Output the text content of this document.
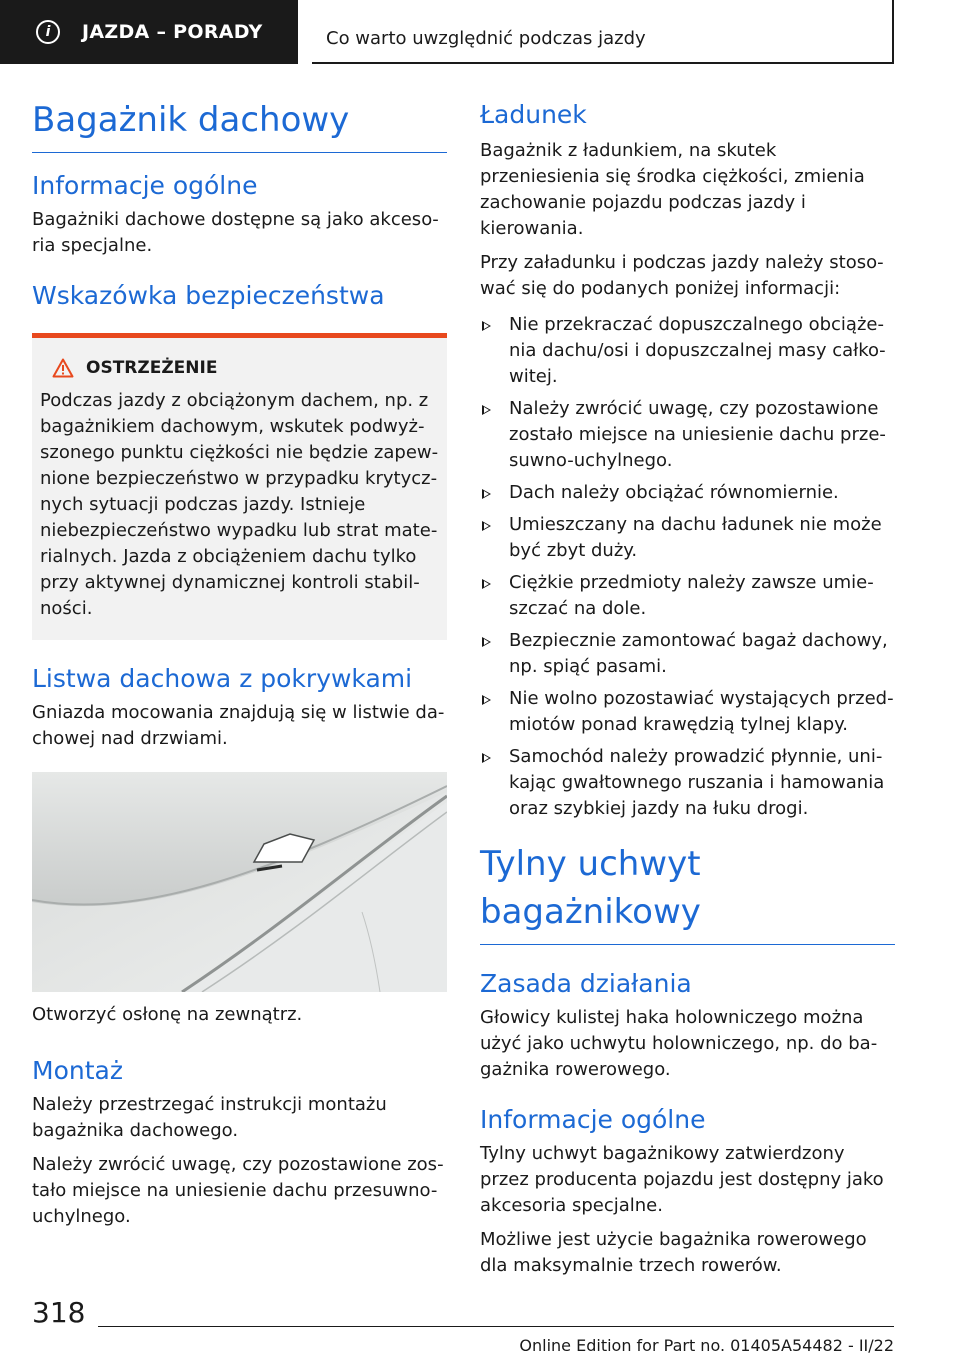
i	JAZDA – PORADY	Co warto uwzględnić podczas jazdy
Bagażnik dachowy
Informacje ogólne

Bagażniki dachowe dostępne są jako akcesoria specjalne.

Wskazówka bezpieczeństwa
OSTRZEŻENIE

Podczas jazdy z obciążonym dachem, np. z bagażnikiem dachowym, wskutek podwyższonego punktu ciężkości nie będzie zapewnione bezpieczeństwo w przypadku krytycznych sytuacji podczas jazdy. Istnieje niebezpieczeństwo wypadku lub strat materialnych. Jazda z obciążeniem dachu tylko przy aktywnej dynamicznej kontroli stabilności.

Listwa dachowa z pokrywkami

Gniazda mocowania znajdują się w listwie dachowej nad drzwiami.

Otworzyć osłonę na zewnątrz.

Montaż

Należy przestrzegać instrukcji montażu bagażnika dachowego.

Należy zwrócić uwagę, czy pozostawione zostało miejsce na uniesienie dachu przesuwno-uchylnego.

Ładunek

Bagażnik z ładunkiem, na skutek przeniesienia się środka ciężkości, zmienia zachowanie pojazdu podczas jazdy i kierowania.

Przy załadunku i podczas jazdy należy stosować się do podanych poniżej informacji:

Nie przekraczać dopuszczalnego obciążenia dachu/osi i dopuszczalnej masy całkowitej.
Należy zwrócić uwagę, czy pozostawione zostało miejsce na uniesienie dachu przesuwno-uchylnego.
Dach należy obciążać równomiernie.
Umieszczany na dachu ładunek nie może być zbyt duży.
Ciężkie przedmioty należy zawsze umieszczać na dole.
Bezpiecznie zamontować bagaż dachowy, np. spiąć pasami.
Nie wolno pozostawiać wystających przedmiotów ponad krawędzią tylnej klapy.
Samochód należy prowadzić płynnie, unikając gwałtownego ruszania i hamowania oraz szybkiej jazdy na łuku drogi.
Tylny uchwyt bagażnikowy
Zasada działania

Głowicy kulistej haka holowniczego można użyć jako uchwytu holowniczego, np. do bagażnika rowerowego.

Informacje ogólne

Tylny uchwyt bagażnikowy zatwierdzony przez producenta pojazdu jest dostępny jako akcesoria specjalne.

Możliwe jest użycie bagażnika rowerowego dla maksymalnie trzech rowerów.

318
Online Edition for Part no. 01405A54482 - II/22
